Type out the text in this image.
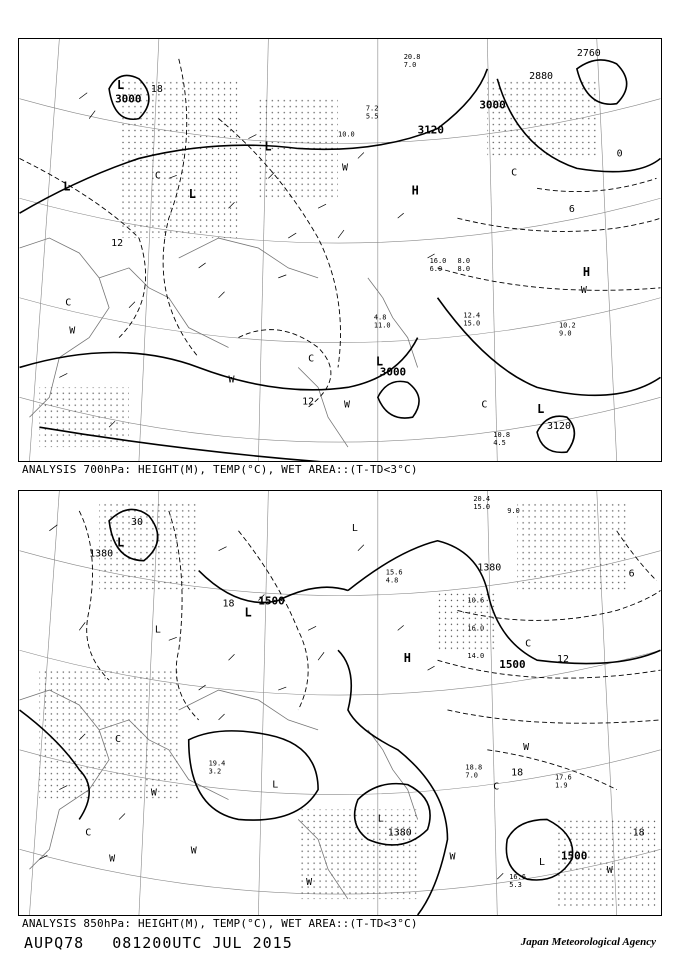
3000	3000
3000
3120
3120
2760
2880
0
6
12
12
18
L
L
L
L
L
L
H
H
C
C
C
C
C
W
W
W
W
W
12.4
15.0
10.8
4.5
10.2
9.0
11.0
4.8
8.0
16.0
6.0 8.0
10.0
7.2
5.5
20.8
7.0
ANALYSIS 700hPa: HEIGHT(M), TEMP(°C), WET AREA::(T-TD<3°C)
1500
1500
1500
1380
1380
1380
30
18
18
12
6
18
L
L
L
L
L
L
L
H
C
C
C
C
W
W
W
W
W
W
W
18.8
7.0	17.6
1.9
16.6
5.3
19.4
3.2
20.4
15.0
15.6
4.8
14.0
16.0
9.0
10.6
ANALYSIS 850hPa: HEIGHT(M), TEMP(°C), WET AREA::(T-TD<3°C)
AUPQ78 081200UTC JUL 2015	Japan Meteorological Agency
